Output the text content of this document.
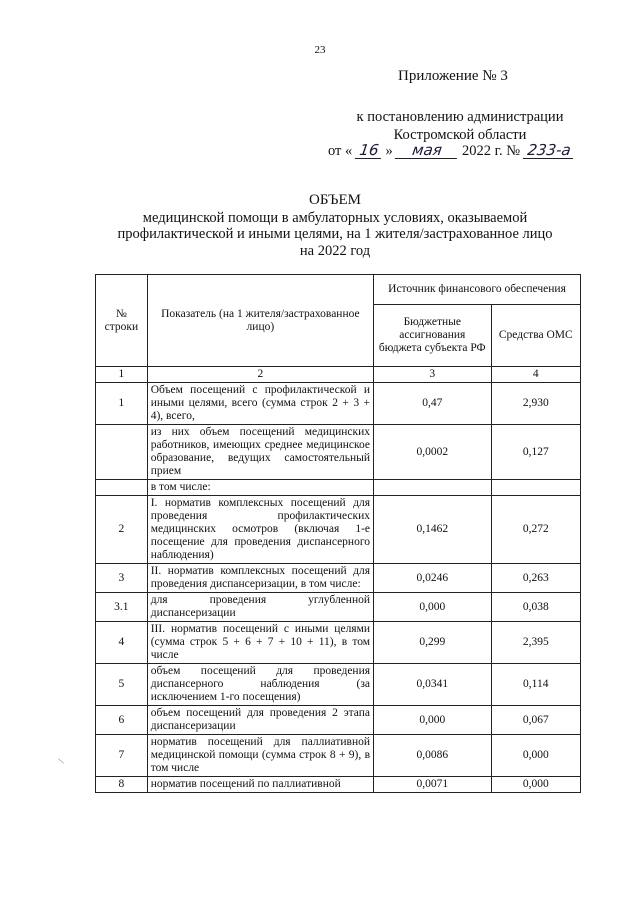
23
Приложение № 3
к постановлению администрации
Костромской области
от « 16 » мая 2022 г. № 233-а
ОБЪЕМ
медицинской помощи в амбулаторных условиях, оказываемой
профилактической и иными целями, на 1 жителя/застрахованное лицо
на 2022 год
№ строки	Показатель (на 1 жителя/застрахованное лицо)	Источник финансового обеспечения	
		Бюджетные ассигнования бюджета субъекта РФ	Средства ОМС
1	2	3	4
1	Объем посещений с профилактической и иными целями, всего (сумма строк 2 + 3 + 4), всего,	0,47	2,930
	из них объем посещений медицинских работников, имеющих среднее медицинское образование, ведущих самостоятельный прием	0,0002	0,127
	в том числе:		
2	I. норматив комплексных посещений для проведения профилактических медицинских осмотров (включая 1-е посещение для проведения диспансерного наблюдения)	0,1462	0,272
3	II. норматив комплексных посещений для проведения диспансеризации, в том числе:	0,0246	0,263
3.1	для проведения углубленной диспансеризации	0,000	0,038
4	III. норматив посещений с иными целями (сумма строк 5 + 6 + 7 + 10 + 11), в том числе	0,299	2,395
5	объем посещений для проведения диспансерного наблюдения (за исключением 1-го посещения)	0,0341	0,114
6	объем посещений для проведения 2 этапа диспансеризации	0,000	0,067
7	норматив посещений для паллиативной медицинской помощи (сумма строк 8 + 9), в том числе	0,0086	0,000
8	норматив посещений по паллиативной	0,0071	0,000
\
